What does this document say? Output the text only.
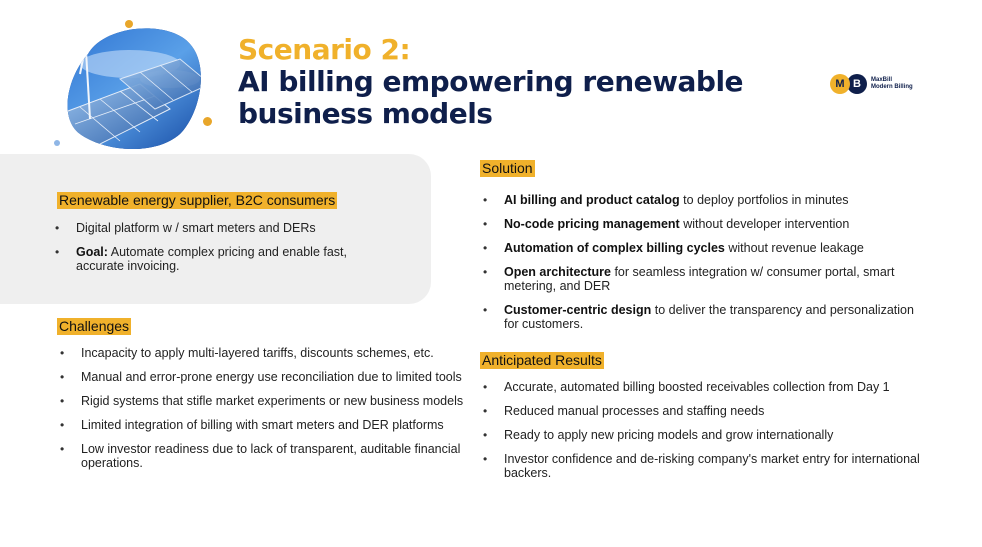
Scenario 2:
AI billing empowering renewable
business models
M B	MaxBill
Modern Billing
Renewable energy supplier, B2C consumers
• Digital platform w / smart meters and DERs
• Goal: Automate complex pricing and enable fast, accurate invoicing.
Challenges
• Incapacity to apply multi-layered tariffs, discounts schemes, etc.
• Manual and error-prone energy use reconciliation due to limited tools
• Rigid systems that stifle market experiments or new business models
• Limited integration of billing with smart meters and DER platforms
• Low investor readiness due to lack of transparent, auditable financial operations.
Solution
• AI billing and product catalog to deploy portfolios in minutes
• No-code pricing management without developer intervention
• Automation of complex billing cycles without revenue leakage
• Open architecture for seamless integration w/ consumer portal, smart metering, and DER
• Customer-centric design to deliver the transparency and personalization for customers.
Anticipated Results
• Accurate, automated billing boosted receivables collection from Day 1
• Reduced manual processes and staffing needs
• Ready to apply new pricing models and grow internationally
• Investor confidence and de-risking company's market entry for international backers.
